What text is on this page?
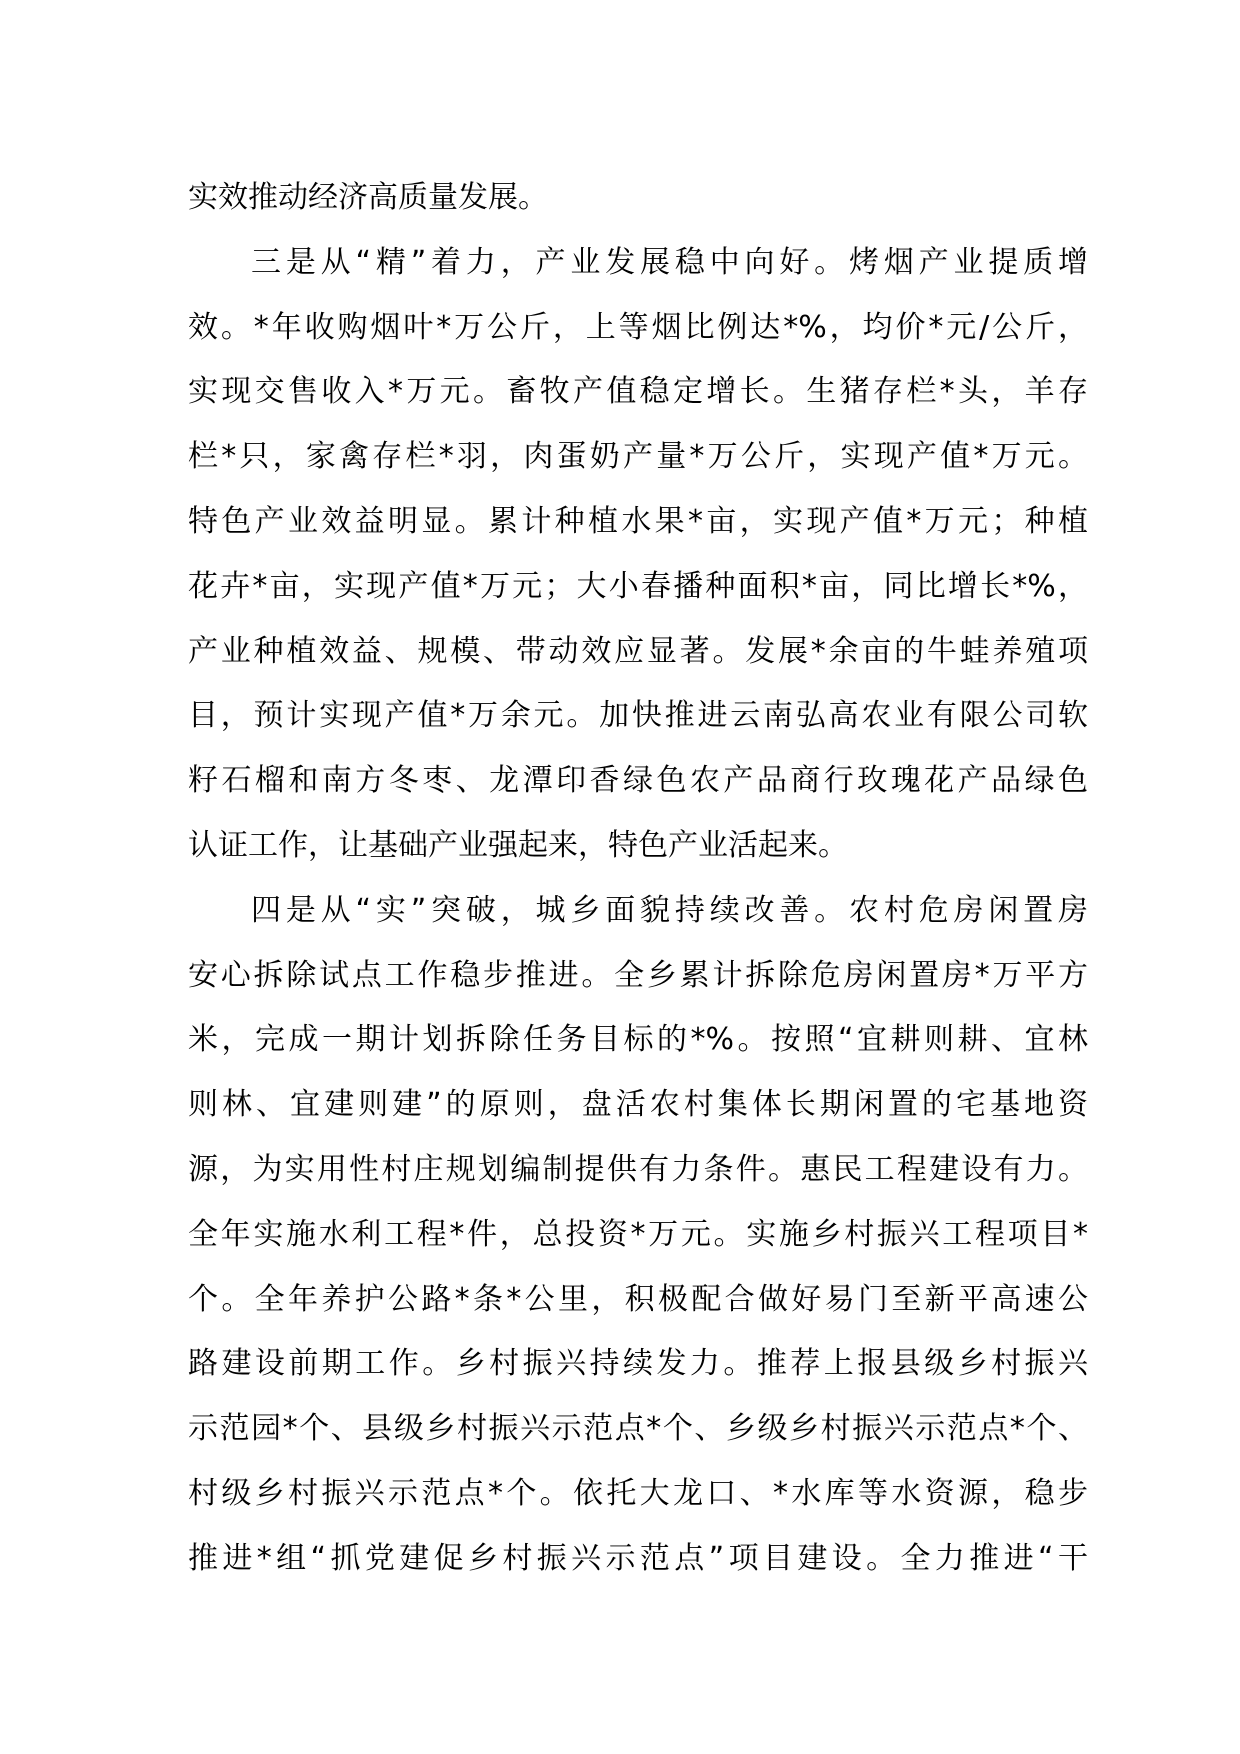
实效推动经济高质量发展。
三是从“精”着力，产业发展稳中向好。烤烟产业提质增
效。*年收购烟叶*万公斤，上等烟比例达*%，均价*元/公斤，
实现交售收入*万元。畜牧产值稳定增长。生猪存栏*头，羊存
栏*只，家禽存栏*羽，肉蛋奶产量*万公斤，实现产值*万元。
特色产业效益明显。累计种植水果*亩，实现产值*万元；种植
花卉*亩，实现产值*万元；大小春播种面积*亩，同比增长*%，
产业种植效益、规模、带动效应显著。发展*余亩的牛蛙养殖项
目，预计实现产值*万余元。加快推进云南弘高农业有限公司软
籽石榴和南方冬枣、龙潭印香绿色农产品商行玫瑰花产品绿色
认证工作，让基础产业强起来，特色产业活起来。
四是从“实”突破，城乡面貌持续改善。农村危房闲置房
安心拆除试点工作稳步推进。全乡累计拆除危房闲置房*万平方
米，完成一期计划拆除任务目标的*%。按照“宜耕则耕、宜林
则林、宜建则建”的原则，盘活农村集体长期闲置的宅基地资
源，为实用性村庄规划编制提供有力条件。惠民工程建设有力。
全年实施水利工程*件，总投资*万元。实施乡村振兴工程项目*
个。全年养护公路*条*公里，积极配合做好易门至新平高速公
路建设前期工作。乡村振兴持续发力。推荐上报县级乡村振兴
示范园*个、县级乡村振兴示范点*个、乡级乡村振兴示范点*个、
村级乡村振兴示范点*个。依托大龙口、*水库等水资源，稳步
推进*组“抓党建促乡村振兴示范点”项目建设。全力推进“干
